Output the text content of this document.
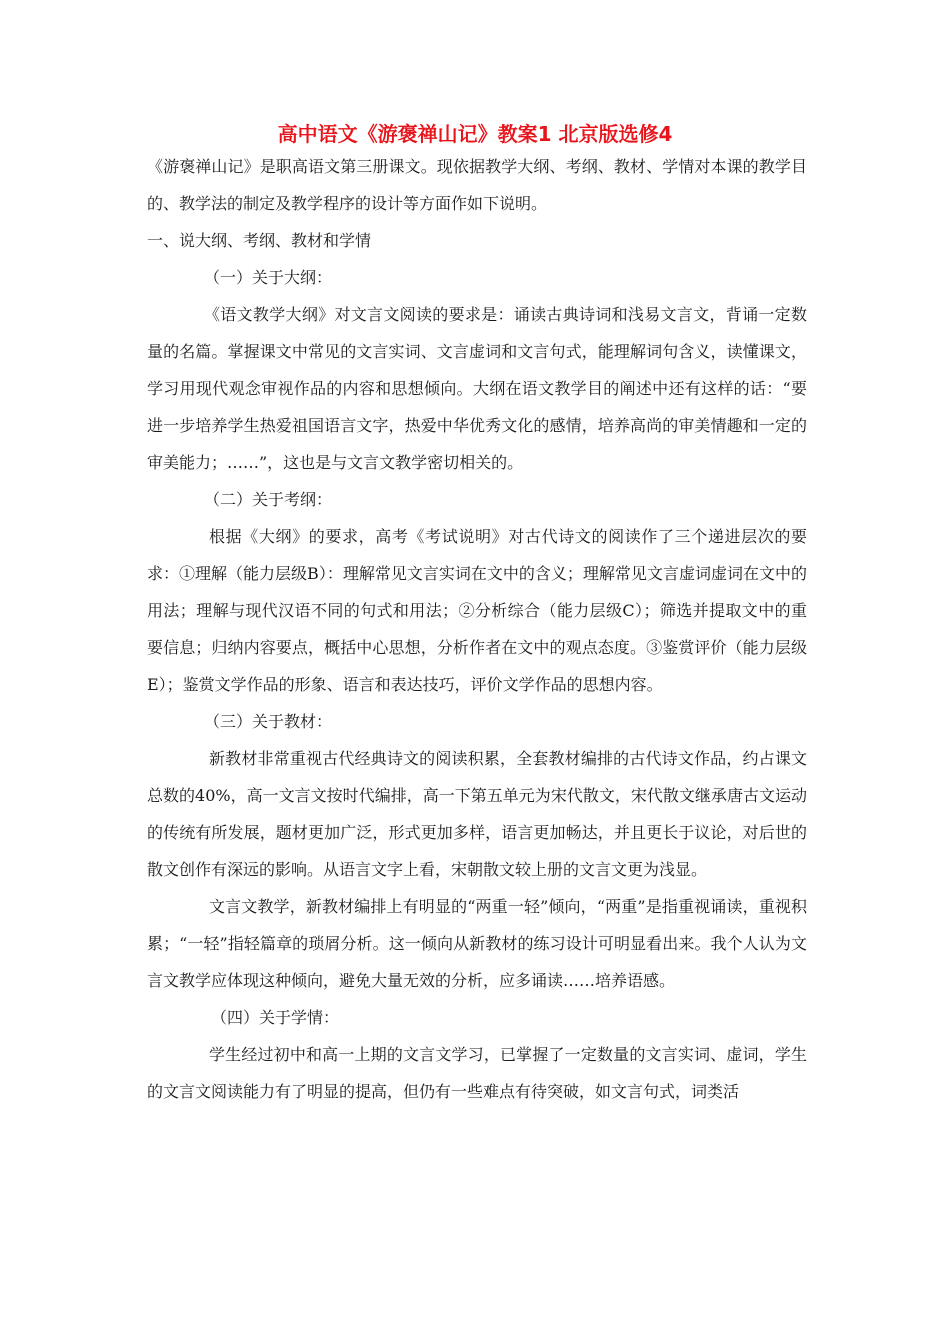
高中语文《游褒禅山记》教案1 北京版选修4

《游褒禅山记》是职高语文第三册课文。现依据教学大纲、考纲、教材、学情对本课的教学目的、教学法的制定及教学程序的设计等方面作如下说明。

一、说大纲、考纲、教材和学情

（一）关于大纲：

《语文教学大纲》对文言文阅读的要求是：诵读古典诗词和浅易文言文，背诵一定数量的名篇。掌握课文中常见的文言实词、文言虚词和文言句式，能理解词句含义，读懂课文，学习用现代观念审视作品的内容和思想倾向。大纲在语文教学目的阐述中还有这样的话：“要进一步培养学生热爱祖国语言文字，热爱中华优秀文化的感情，培养高尚的审美情趣和一定的审美能力；……”，这也是与文言文教学密切相关的。

（二）关于考纲：

根据《大纲》的要求，高考《考试说明》对古代诗文的阅读作了三个递进层次的要求：①理解（能力层级B）：理解常见文言实词在文中的含义；理解常见文言虚词虚词在文中的用法；理解与现代汉语不同的句式和用法；②分析综合（能力层级C）；筛选并提取文中的重要信息；归纳内容要点，概括中心思想，分析作者在文中的观点态度。③鉴赏评价（能力层级E）；鉴赏文学作品的形象、语言和表达技巧，评价文学作品的思想内容。

（三）关于教材：

新教材非常重视古代经典诗文的阅读积累，全套教材编排的古代诗文作品，约占课文总数的40%，高一文言文按时代编排，高一下第五单元为宋代散文，宋代散文继承唐古文运动的传统有所发展，题材更加广泛，形式更加多样，语言更加畅达，并且更长于议论，对后世的散文创作有深远的影响。从语言文字上看，宋朝散文较上册的文言文更为浅显。

文言文教学，新教材编排上有明显的“两重一轻”倾向，“两重”是指重视诵读，重视积累；“一轻”指轻篇章的琐屑分析。这一倾向从新教材的练习设计可明显看出来。我个人认为文言文教学应体现这种倾向，避免大量无效的分析，应多诵读……培养语感。

（四）关于学情：

学生经过初中和高一上期的文言文学习，已掌握了一定数量的文言实词、虚词，学生的文言文阅读能力有了明显的提高，但仍有一些难点有待突破，如文言句式，词类活
